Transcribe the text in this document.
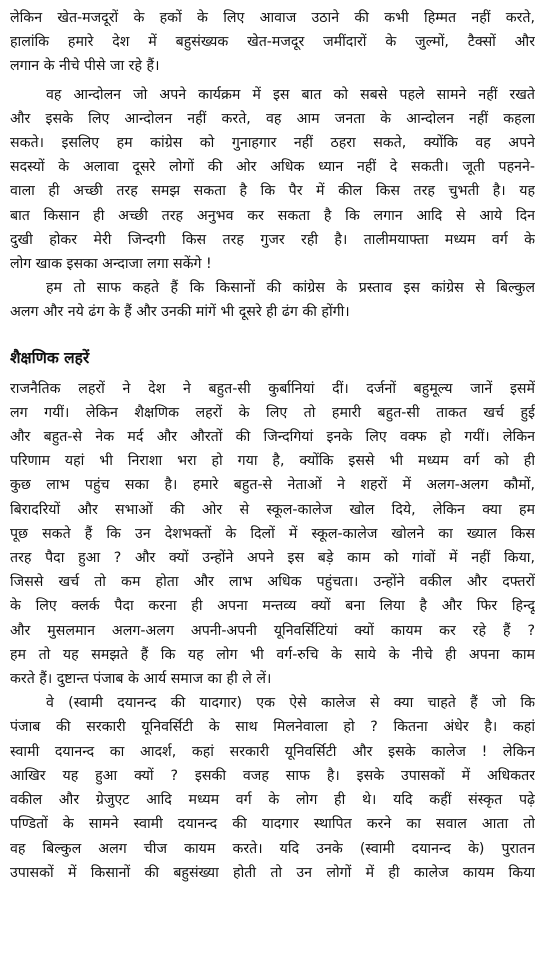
लेकिन खेत-मजदूरों के हकों के लिए आवाज उठाने की कभी हिम्मत नहीं करते,
हालांकि हमारे देश में बहुसंख्यक खेत-मजदूर जमींदारों के जुल्मों, टैक्सों और
लगान के नीचे पीसे जा रहे हैं।
वह आन्दोलन जो अपने कार्यक्रम में इस बात को सबसे पहले सामने नहीं रखते
और इसके लिए आन्दोलन नहीं करते, वह आम जनता के आन्दोलन नहीं कहला
सकते। इसलिए हम कांग्रेस को गुनाहगार नहीं ठहरा सकते, क्योंकि वह अपने
सदस्यों के अलावा दूसरे लोगों की ओर अधिक ध्यान नहीं दे सकती। जूती पहनने-
वाला ही अच्छी तरह समझ सकता है कि पैर में कील किस तरह चुभती है। यह
बात किसान ही अच्छी तरह अनुभव कर सकता है कि लगान आदि से आये दिन
दुखी होकर मेरी जिन्दगी किस तरह गुजर रही है। तालीमयाफ्ता मध्यम वर्ग के
लोग खाक इसका अन्दाजा लगा सकेंगे !
हम तो साफ कहते हैं कि किसानों की कांग्रेस के प्रस्ताव इस कांग्रेस से बिल्कुल
अलग और नये ढंग के हैं और उनकी मांगें भी दूसरे ही ढंग की होंगी।
शैक्षणिक लहरें
राजनैतिक लहरों ने देश ने बहुत-सी कुर्बानियां दीं। दर्जनों बहुमूल्य जानें इसमें
लग गयीं। लेकिन शैक्षणिक लहरों के लिए तो हमारी बहुत-सी ताकत खर्च हुई
और बहुत-से नेक मर्द और औरतों की जिन्दगियां इनके लिए वक्फ हो गयीं। लेकिन
परिणाम यहां भी निराशा भरा हो गया है, क्योंकि इससे भी मध्यम वर्ग को ही
कुछ लाभ पहुंच सका है। हमारे बहुत-से नेताओं ने शहरों में अलग-अलग कौमों,
बिरादरियों और सभाओं की ओर से स्कूल-कालेज खोल दिये, लेकिन क्या हम
पूछ सकते हैं कि उन देशभक्तों के दिलों में स्कूल-कालेज खोलने का ख्याल किस
तरह पैदा हुआ ? और क्यों उन्होंने अपने इस बड़े काम को गांवों में नहीं किया,
जिससे खर्च तो कम होता और लाभ अधिक पहुंचता। उन्होंने वकील और दफ्तरों
के लिए क्लर्क पैदा करना ही अपना मन्तव्य क्यों बना लिया है और फिर हिन्दू
और मुसलमान अलग-अलग अपनी-अपनी यूनिवर्सिटियां क्यों कायम कर रहे हैं ?
हम तो यह समझते हैं कि यह लोग भी वर्ग-रुचि के साये के नीचे ही अपना काम
करते हैं। दुष्टान्त पंजाब के आर्य समाज का ही ले लें।
वे (स्वामी दयानन्द की यादगार) एक ऐसे कालेज से क्या चाहते हैं जो कि
पंजाब की सरकारी यूनिवर्सिटी के साथ मिलनेवाला हो ? कितना अंधेर है। कहां
स्वामी दयानन्द का आदर्श, कहां सरकारी यूनिवर्सिटी और इसके कालेज ! लेकिन
आखिर यह हुआ क्यों ? इसकी वजह साफ है। इसके उपासकों में अधिकतर
वकील और ग्रेजुएट आदि मध्यम वर्ग के लोग ही थे। यदि कहीं संस्कृत पढ़े
पण्डितों के सामने स्वामी दयानन्द की यादगार स्थापित करने का सवाल आता तो
वह बिल्कुल अलग चीज कायम करते। यदि उनके (स्वामी दयानन्द के) पुरातन
उपासकों में किसानों की बहुसंख्या होती तो उन लोगों में ही कालेज कायम किया
